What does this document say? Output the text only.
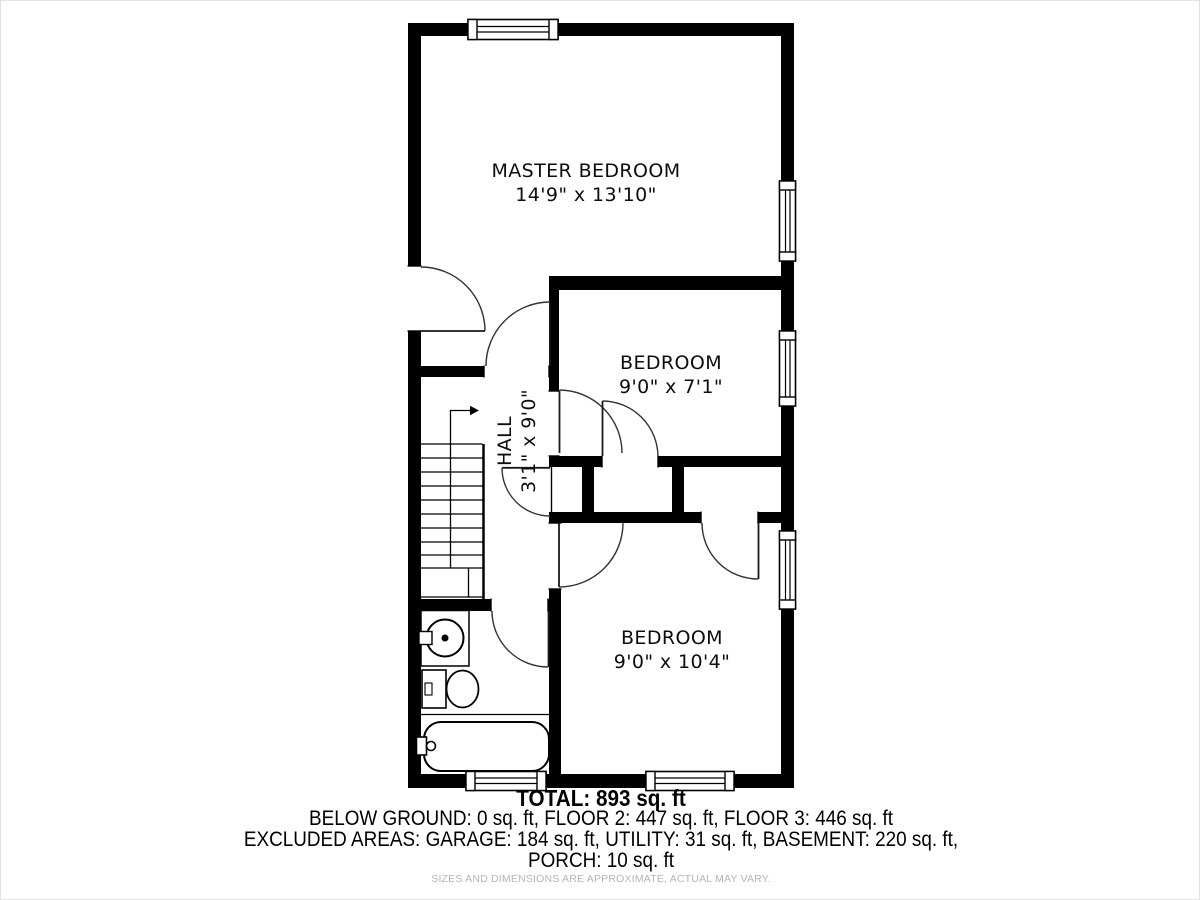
MASTER BEDROOM
14'9" x 13'10"
BEDROOM
9'0" x 7'1"
HALL 3'1" x 9'0"
BEDROOM
9'0" x 10'4"
TOTAL: 893 sq. ft
BELOW GROUND: 0 sq. ft, FLOOR 2: 447 sq. ft, FLOOR 3: 446 sq. ft
EXCLUDED AREAS: GARAGE: 184 sq. ft, UTILITY: 31 sq. ft, BASEMENT: 220 sq. ft,
PORCH: 10 sq. ft
SIZES AND DIMENSIONS ARE APPROXIMATE, ACTUAL MAY VARY.
